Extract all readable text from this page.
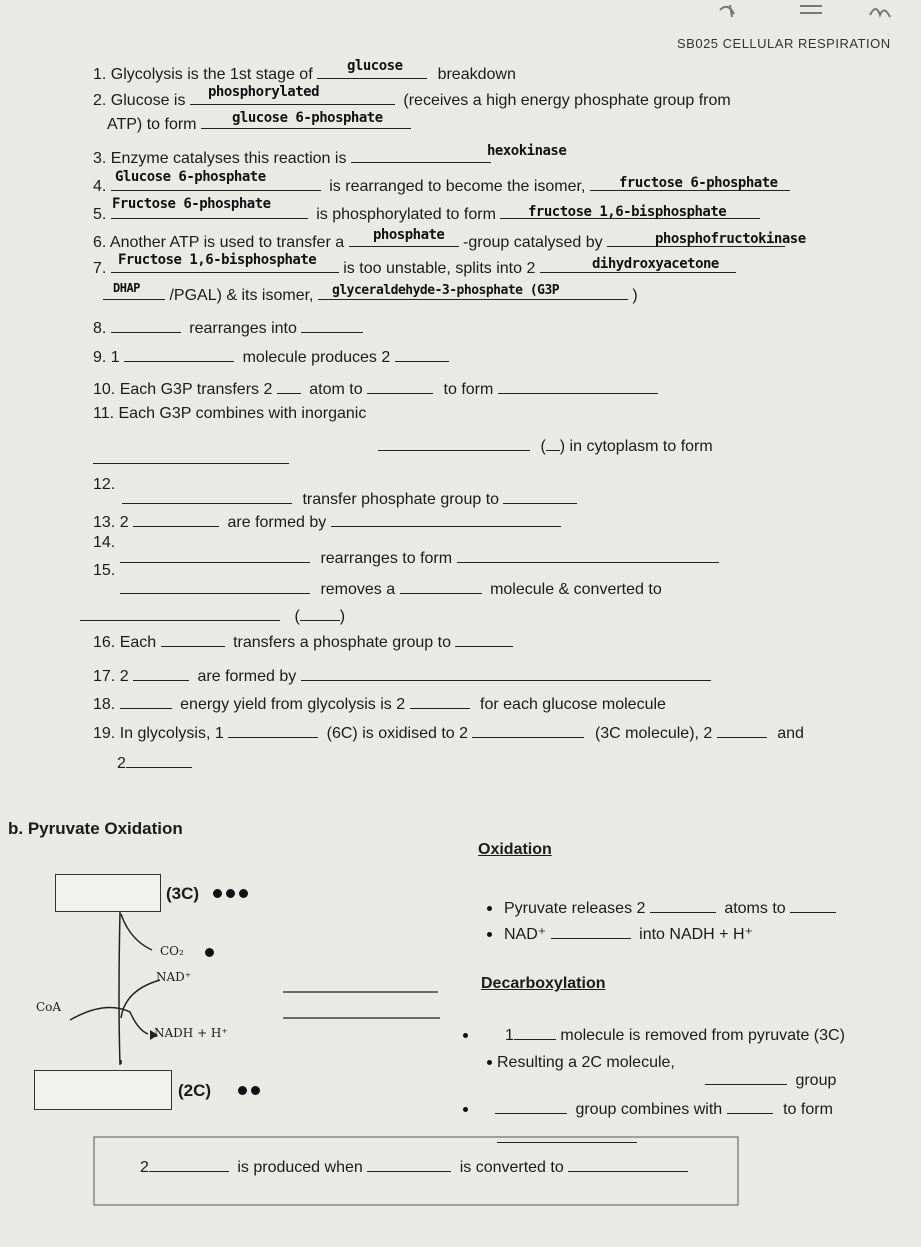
SB025 CELLULAR RESPIRATION
1. Glycolysis is the 1st stage of	breakdown
glucose
2. Glucose is	(receives a high energy phosphate group from
phosphorylated
ATP) to form	glucose 6-phosphate
3. Enzyme catalyses this reaction is	hexokinase
4.	is rearranged to become the isomer,
Glucose 6-phosphate	fructose 6-phosphate
5.	is phosphorylated to form
Fructose 6-phosphate	fructose 1,6-bisphosphate
6. Another ATP is used to transfer a	-group catalysed by
phosphate	phosphofructokinase
7.	is too unstable, splits into 2
Fructose 1,6-bisphosphate	dihydroxyacetone
/PGAL) & its isomer,	)
DHAP	glyceraldehyde-3-phosphate (G3P
8.	rearranges into
9. 1	molecule produces 2
10. Each G3P transfers 2 atom to	to form
11. Each G3P combines with inorganic
( ) in cytoplasm to form
12.
transfer phosphate group to
13. 2	are formed by
14.
rearranges to form
15.
removes a	molecule & converted to
(	)
16. Each	transfers a phosphate group to
17. 2	are formed by
18.	energy yield from glycolysis is 2	for each glucose molecule
19. In glycolysis, 1	(6C) is oxidised to 2	(3C molecule), 2	and
2
b. Pyruvate Oxidation
(3C)
CO₂
NAD⁺
CoA
NADH + H⁺
(2C)
Oxidation
Pyruvate releases 2	atoms to
NAD⁺	into NADH + H⁺
Decarboxylation
1	molecule is removed from pyruvate (3C)
Resulting a 2C molecule,
group
group combines with	to form
2	is produced when	is converted to
